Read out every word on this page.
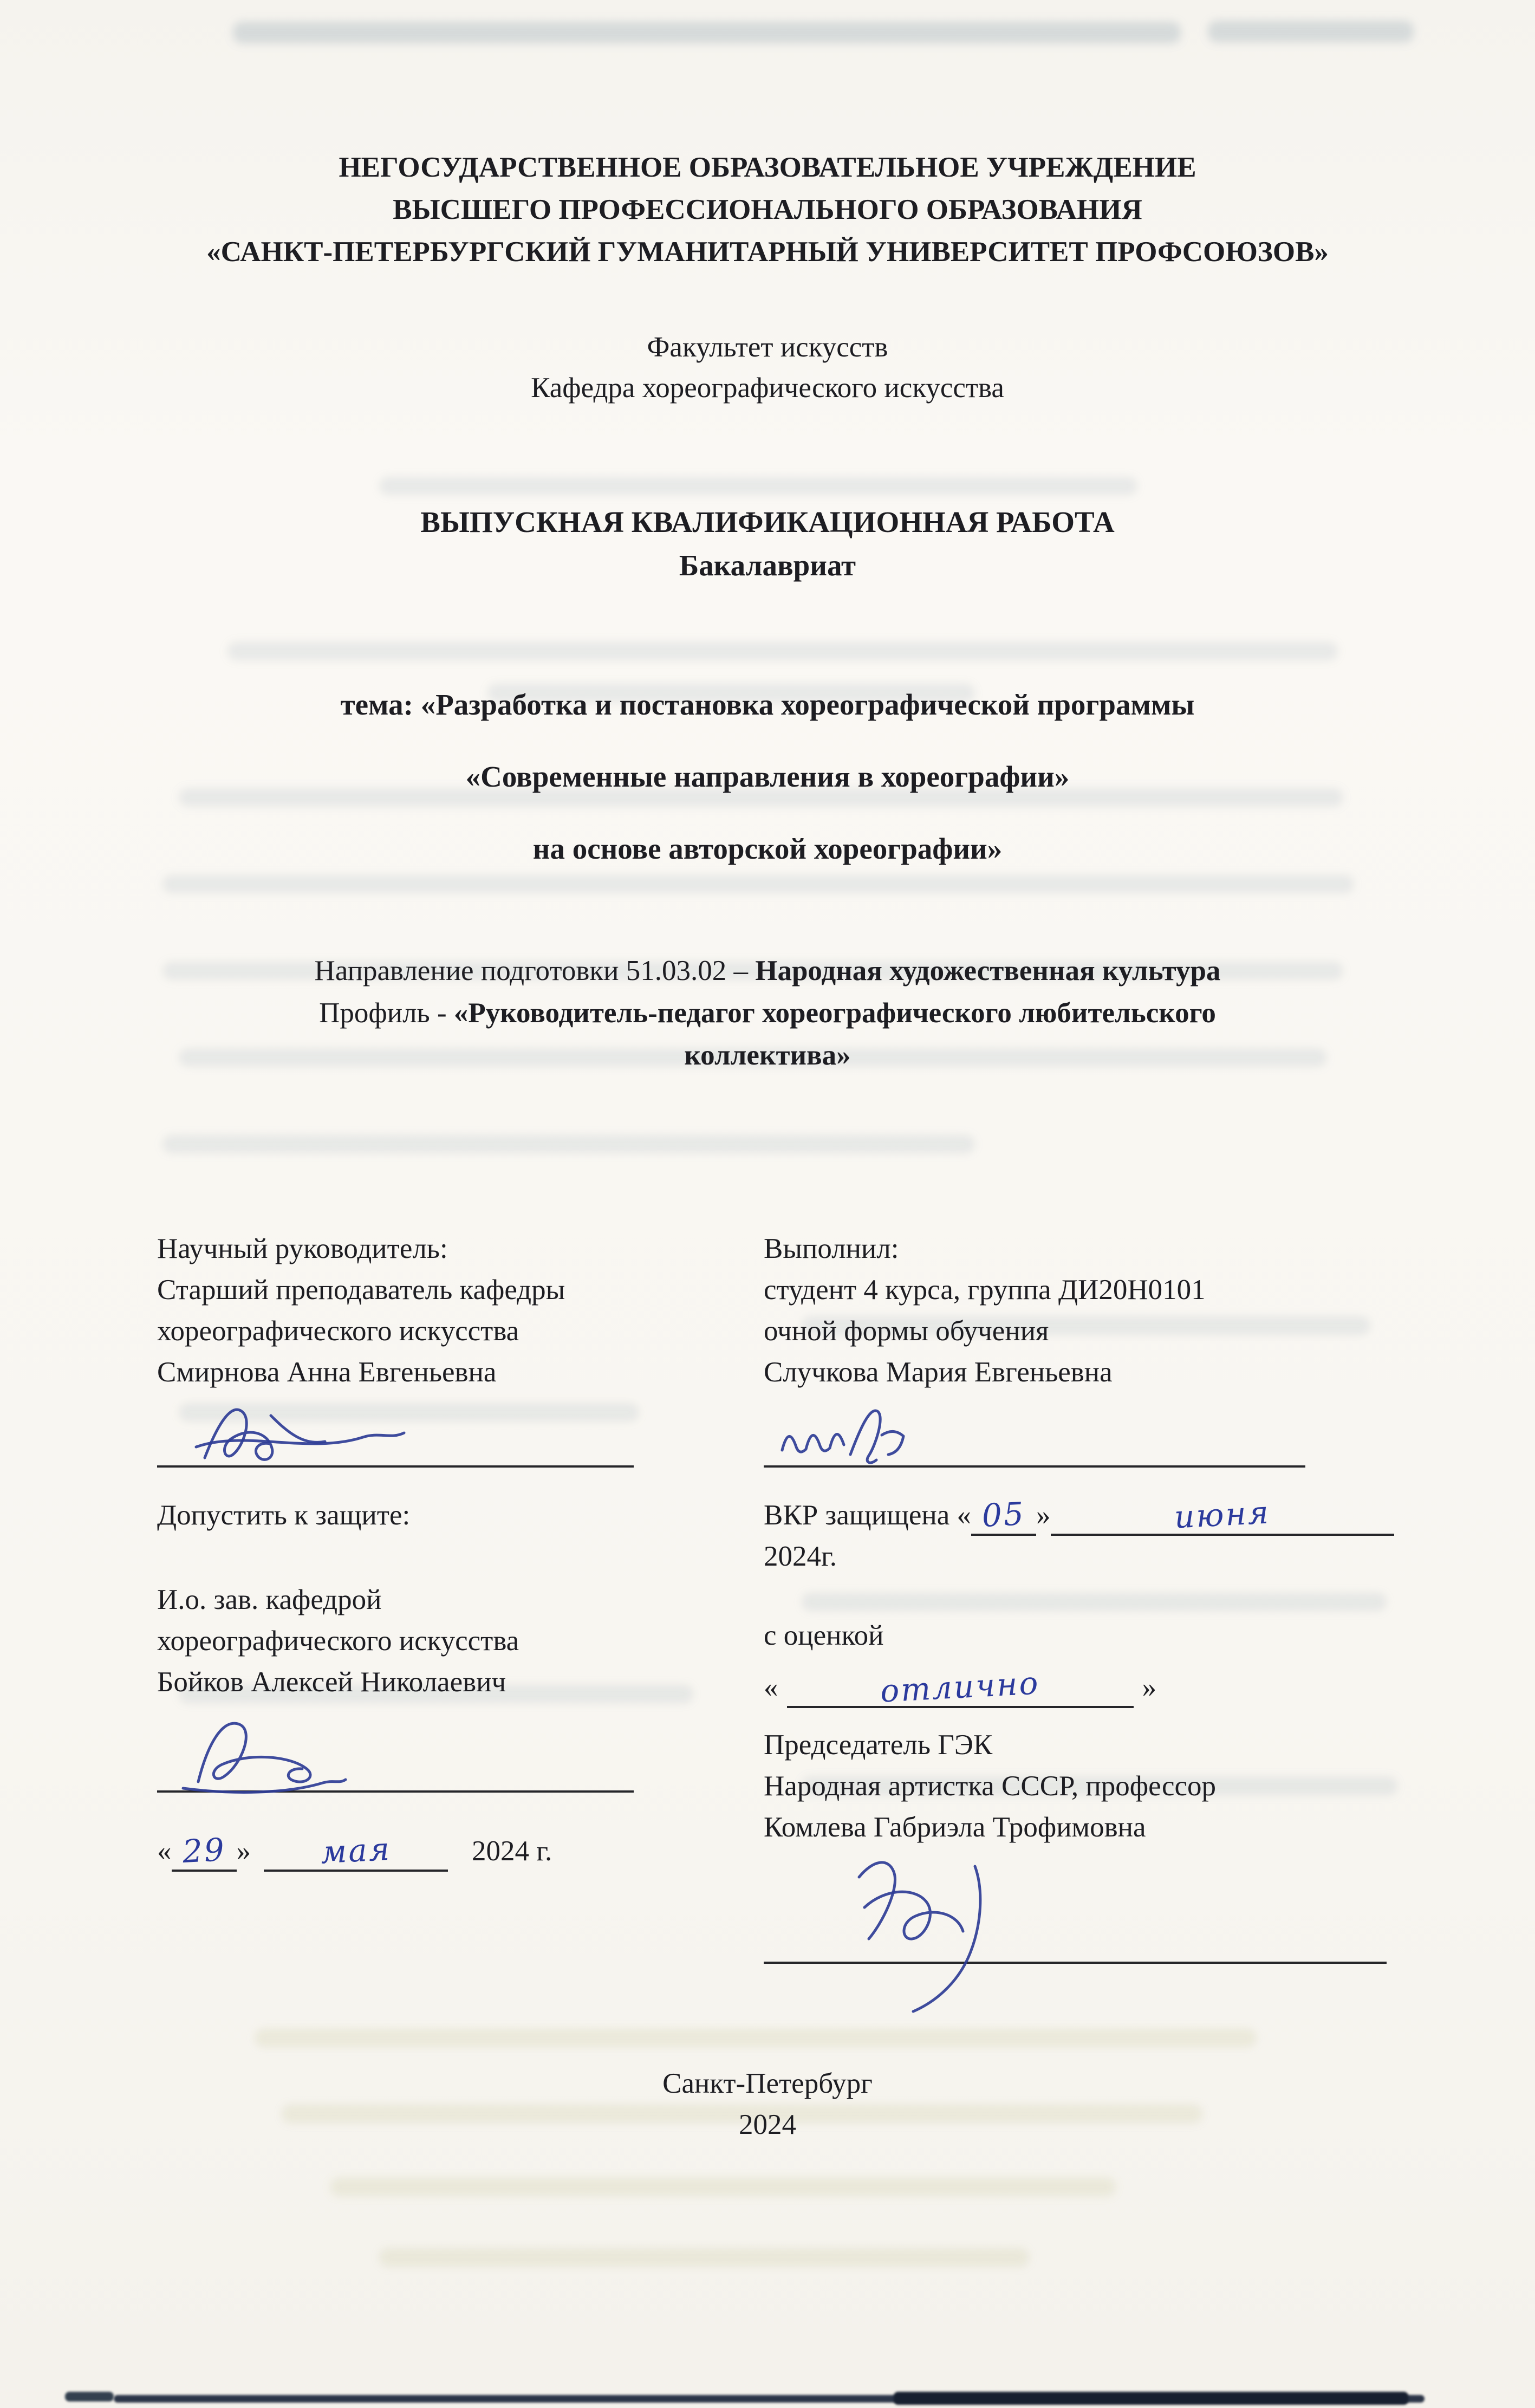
НЕГОСУДАРСТВЕННОЕ ОБРАЗОВАТЕЛЬНОЕ УЧРЕЖДЕНИЕ
ВЫСШЕГО ПРОФЕССИОНАЛЬНОГО ОБРАЗОВАНИЯ
«САНКТ-ПЕТЕРБУРГСКИЙ ГУМАНИТАРНЫЙ УНИВЕРСИТЕТ ПРОФСОЮЗОВ»
Факультет искусств
Кафедра хореографического искусства
ВЫПУСКНАЯ КВАЛИФИКАЦИОННАЯ РАБОТА
Бакалавриат
тема: «Разработка и постановка хореографической программы
«Современные направления в хореографии»
на основе авторской хореографии»
Направление подготовки 51.03.02 – Народная художественная культура
Профиль - «Руководитель-педагог хореографического любительского
коллектива»
Научный руководитель:
Старший преподаватель кафедры
хореографического искусства
Смирнова Анна Евгеньевна
Допустить к защите:
И.о. зав. кафедрой
хореографического искусства
Бойков Алексей Николаевич
« 29 »	мая	2024 г.
Выполнил:
студент 4 курса, группа ДИ20Н0101
очной формы обучения
Случкова Мария Евгеньевна
ВКР защищена « 05 »	июня
2024г.
с оценкой
«	отлично	»
Председатель ГЭК
Народная артистка СССР, профессор
Комлева Габриэла Трофимовна
Санкт-Петербург
2024
